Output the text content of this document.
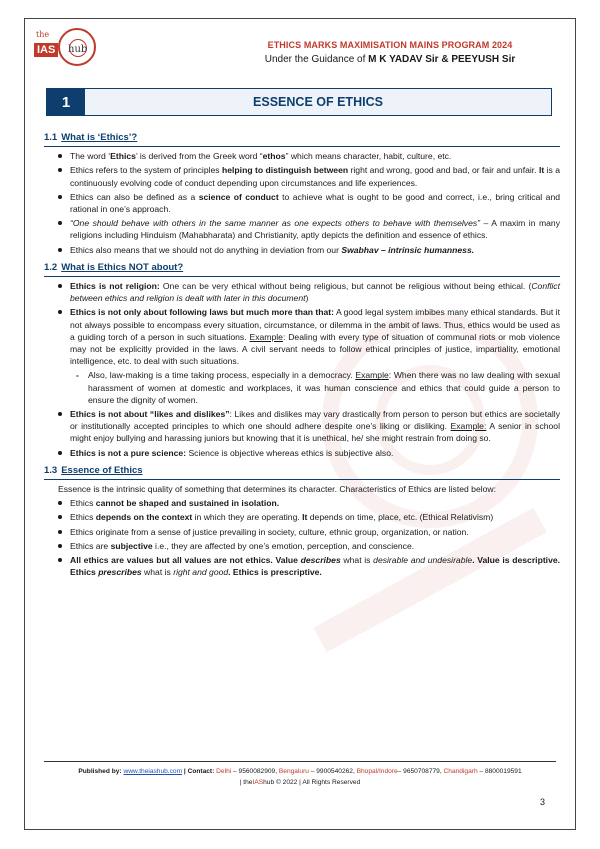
the
IAS	hub	ETHICS MARKS MAXIMISATION MAINS PROGRAM 2024
Under the Guidance of M K YADAV Sir & PEEYUSH Sir
1	ESSENCE OF ETHICS
1.1 What is ‘Ethics’?
The word ‘Ethics’ is derived from the Greek word “ethos” which means character, habit, culture, etc.
Ethics refers to the system of principles helping to distinguish between right and wrong, good and bad, or fair and unfair. It is a continuously evolving code of conduct depending upon circumstances and life experiences.
Ethics can also be defined as a science of conduct to achieve what is ought to be good and correct, i.e., bring critical and rational in one’s approach.
“One should behave with others in the same manner as one expects others to behave with themselves” – A maxim in many religions including Hinduism (Mahabharata) and Christianity, aptly depicts the definition and essence of ethics.
Ethics also means that we should not do anything in deviation from our Swabhav – intrinsic humanness.
1.2 What is Ethics NOT about?
Ethics is not religion: One can be very ethical without being religious, but cannot be religious without being ethical. (Conflict between ethics and religion is dealt with later in this document)
Ethics is not only about following laws but much more than that: A good legal system imbibes many ethical standards. But it not always possible to encompass every situation, circumstance, or dilemma in the ambit of laws. Thus, ethics would be used as a guiding torch of a person in such situations. Example: Dealing with every type of situation of communal riots or mob violence may not be explicitly provided in the laws. A civil servant needs to follow ethical principles of justice, impartiality, emotional intelligence, etc. to deal with such situations.
- Also, law-making is a time taking process, especially in a democracy. Example: When there was no law dealing with sexual harassment of women at domestic and workplaces, it was human conscience and ethics that could guide a person to ensure the dignity of women.
Ethics is not about “likes and dislikes”: Likes and dislikes may vary drastically from person to person but ethics are societally or institutionally accepted principles to which one should adhere despite one’s liking or disliking. Example: A senior in school might enjoy bullying and harassing juniors but knowing that it is unethical, he/ she might restrain from doing so.
Ethics is not a pure science: Science is objective whereas ethics is subjective also.
1.3 Essence of Ethics
Essence is the intrinsic quality of something that determines its character. Characteristics of Ethics are listed below:
Ethics cannot be shaped and sustained in isolation.
Ethics depends on the context in which they are operating. It depends on time, place, etc. (Ethical Relativism)
Ethics originate from a sense of justice prevailing in society, culture, ethnic group, organization, or nation.
Ethics are subjective i.e., they are affected by one’s emotion, perception, and conscience.
All ethics are values but all values are not ethics. Value describes what is desirable and undesirable. Value is descriptive. Ethics prescribes what is right and good. Ethics is prescriptive.
Published by: www.theiashub.com | Contact: Delhi – 9560082909, Bengaluru – 9900540262, Bhopal/Indore– 9650708779, Chandigarh – 8800019591
| theIAShub © 2022 | All Rights Reserved
3
